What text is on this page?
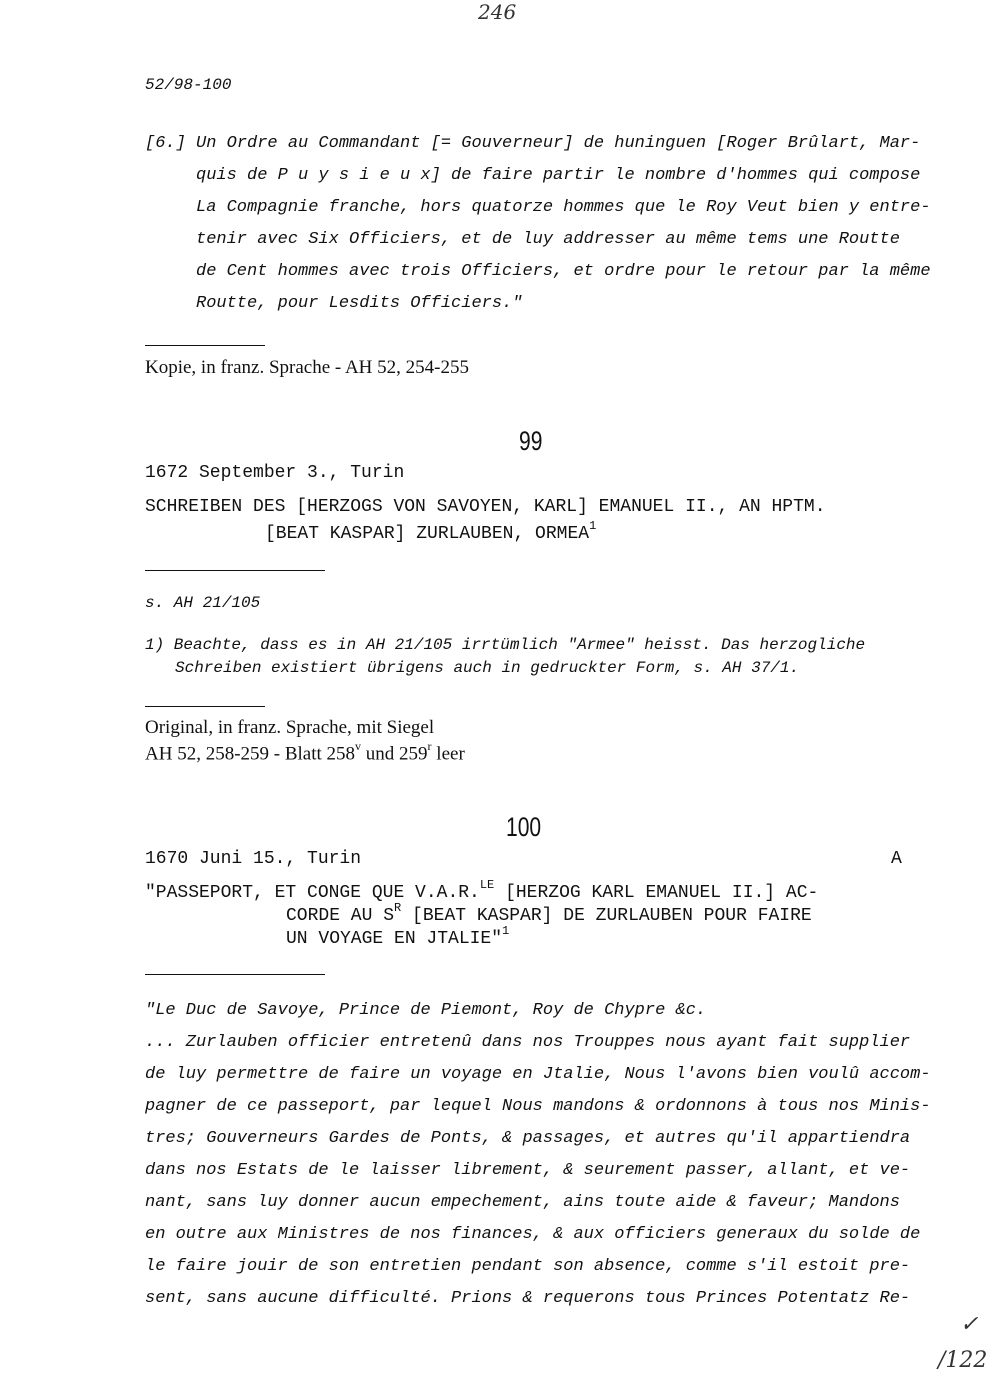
246
52/98-100
[6.] Un Ordre au Commandant [= Gouverneur] de huninguen [Roger Brûlart, Mar-
quis de P u y s i e u x] de faire partir le nombre d'hommes qui compose
La Compagnie franche, hors quatorze hommes que le Roy Veut bien y entre-
tenir avec Six Officiers, et de luy addresser au même tems une Routte
de Cent hommes avec trois Officiers, et ordre pour le retour par la même
Routte, pour Lesdits Officiers."
Kopie, in franz. Sprache - AH 52, 254-255
99
1672 September 3., Turin
SCHREIBEN DES [HERZOGS VON SAVOYEN, KARL] EMANUEL II., AN HPTM.
[BEAT KASPAR] ZURLAUBEN, ORMEA$^1$
s. AH 21/105
1) Beachte, dass es in AH 21/105 irrtümlich "Armee" heisst. Das herzogliche
Schreiben existiert übrigens auch in gedruckter Form, s. AH 37/1.
Original, in franz. Sprache, mit Siegel
AH 52, 258-259 - Blatt 258$^v$ und 259$^r$ leer
100
1670 Juni 15., Turin	A
"PASSEPORT, ET CONGE QUE V.A.R.$^{LE}$ [HERZOG KARL EMANUEL II.] AC-
CORDE AU $S^R$ [BEAT KASPAR] DE ZURLAUBEN POUR FAIRE
UN VOYAGE EN JTALIE"$^1$
"Le Duc de Savoye, Prince de Piemont, Roy de Chypre &c.
... Zurlauben officier entretenû dans nos Trouppes nous ayant fait supplier
de luy permettre de faire un voyage en Jtalie, Nous l'avons bien voulû accom-
pagner de ce passeport, par lequel Nous mandons & ordonnons à tous nos Minis-
tres; Gouverneurs Gardes de Ponts, & passages, et autres qu'il appartiendra
dans nos Estats de le laisser librement, & seurement passer, allant, et ve-
nant, sans luy donner aucun empechement, ains toute aide & faveur; Mandons
en outre aux Ministres de nos finances, & aux officiers generaux du solde de
le faire jouir de son entretien pendant son absence, comme s'il estoit pre-
sent, sans aucune difficulté. Prions & requerons tous Princes Potentatz Re-
✓
/122
